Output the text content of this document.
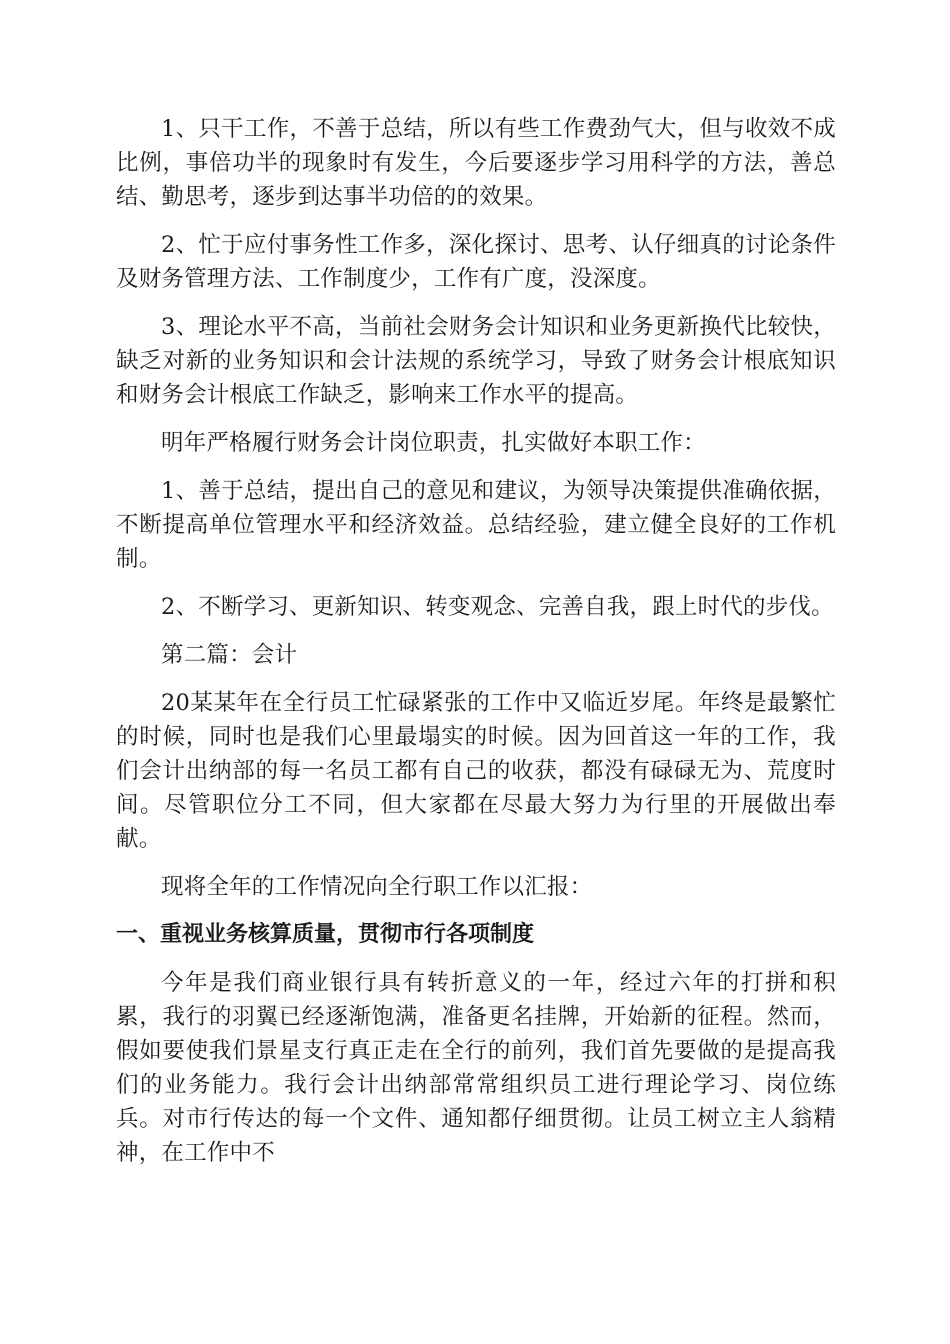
1、只干工作，不善于总结，所以有些工作费劲气大，但与收效不成比例，事倍功半的现象时有发生，今后要逐步学习用科学的方法，善总结、勤思考，逐步到达事半功倍的的效果。

2、忙于应付事务性工作多，深化探讨、思考、认仔细真的讨论条件及财务管理方法、工作制度少，工作有广度，没深度。

3、理论水平不高，当前社会财务会计知识和业务更新换代比较快，缺乏对新的业务知识和会计法规的系统学习，导致了财务会计根底知识和财务会计根底工作缺乏，影响来工作水平的提高。

明年严格履行财务会计岗位职责，扎实做好本职工作：

1、善于总结，提出自己的意见和建议，为领导决策提供准确依据，不断提高单位管理水平和经济效益。总结经验，建立健全良好的工作机制。

2、不断学习、更新知识、转变观念、完善自我，跟上时代的步伐。

第二篇：会计

20某某年在全行员工忙碌紧张的工作中又临近岁尾。年终是最繁忙的时候，同时也是我们心里最塌实的时候。因为回首这一年的工作，我们会计出纳部的每一名员工都有自己的收获，都没有碌碌无为、荒度时间。尽管职位分工不同，但大家都在尽最大努力为行里的开展做出奉献。

现将全年的工作情况向全行职工作以汇报：

一、重视业务核算质量，贯彻市行各项制度

今年是我们商业银行具有转折意义的一年，经过六年的打拼和积累，我行的羽翼已经逐渐饱满，准备更名挂牌，开始新的征程。然而，假如要使我们景星支行真正走在全行的前列，我们首先要做的是提高我们的业务能力。我行会计出纳部常常组织员工进行理论学习、岗位练兵。对市行传达的每一个文件、通知都仔细贯彻。让员工树立主人翁精神，在工作中不
